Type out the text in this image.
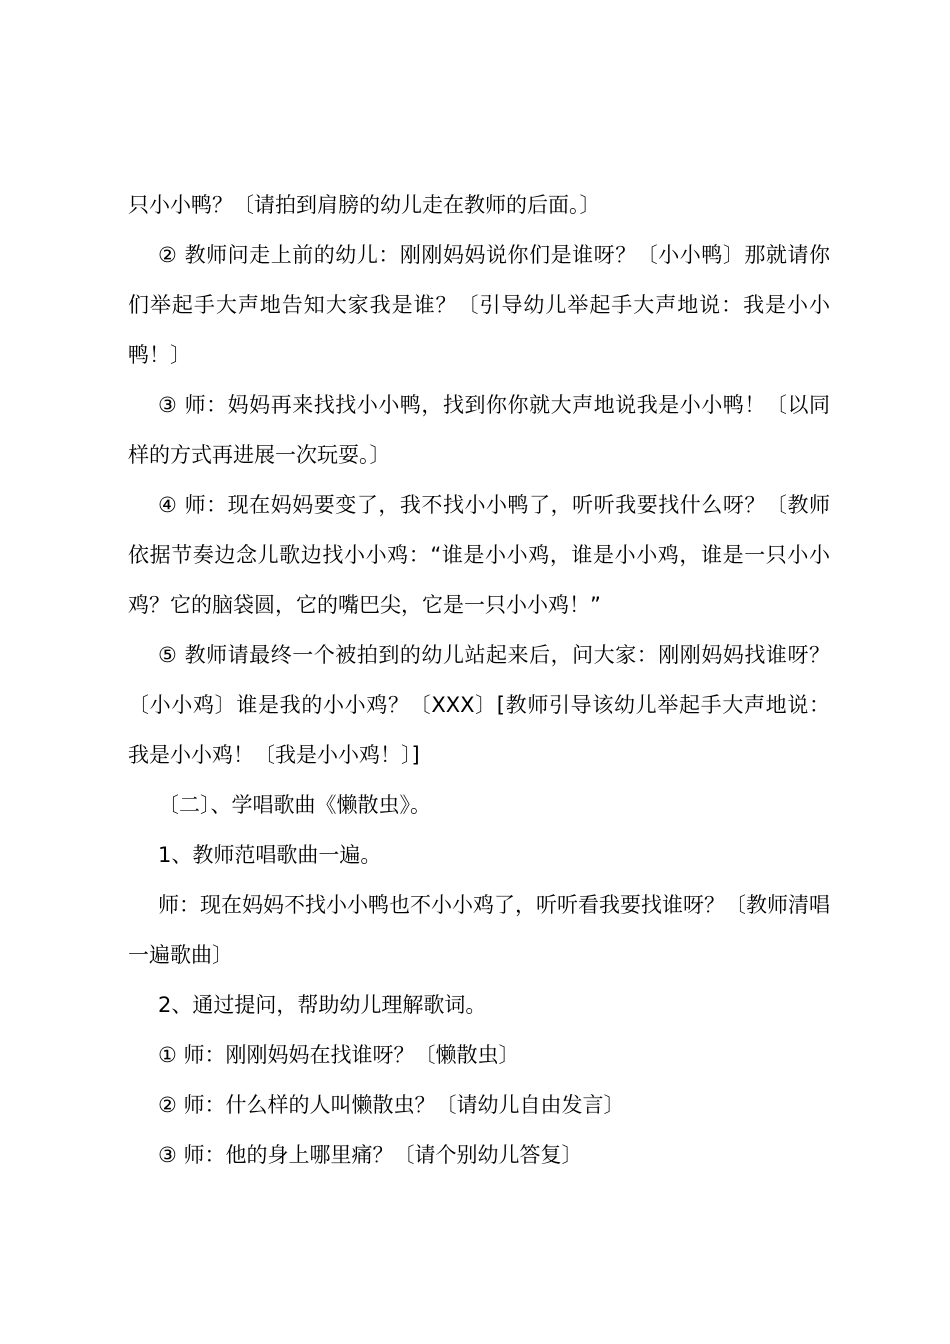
只小小鸭？〔请拍到肩膀的幼儿走在教师的后面。〕

② 教师问走上前的幼儿：刚刚妈妈说你们是谁呀？〔小小鸭〕那就请你们举起手大声地告知大家我是谁？〔引导幼儿举起手大声地说：我是小小鸭！〕

③ 师：妈妈再来找找小小鸭，找到你你就大声地说我是小小鸭！〔以同样的方式再进展一次玩耍。〕

④ 师：现在妈妈要变了，我不找小小鸭了，听听我要找什么呀？〔教师依据节奏边念儿歌边找小小鸡：“谁是小小鸡，谁是小小鸡，谁是一只小小鸡？它的脑袋圆，它的嘴巴尖，它是一只小小鸡！”

⑤ 教师请最终一个被拍到的幼儿站起来后，问大家：刚刚妈妈找谁呀？〔小小鸡〕谁是我的小小鸡？〔XXX〕[教师引导该幼儿举起手大声地说：我是小小鸡！〔我是小小鸡！〕]

〔二〕、学唱歌曲《懒散虫》。

1、教师范唱歌曲一遍。

师：现在妈妈不找小小鸭也不小小鸡了，听听看我要找谁呀？〔教师清唱一遍歌曲〕

2、通过提问，帮助幼儿理解歌词。

① 师：刚刚妈妈在找谁呀？〔懒散虫〕

② 师：什么样的人叫懒散虫？〔请幼儿自由发言〕

③ 师：他的身上哪里痛？〔请个别幼儿答复〕
